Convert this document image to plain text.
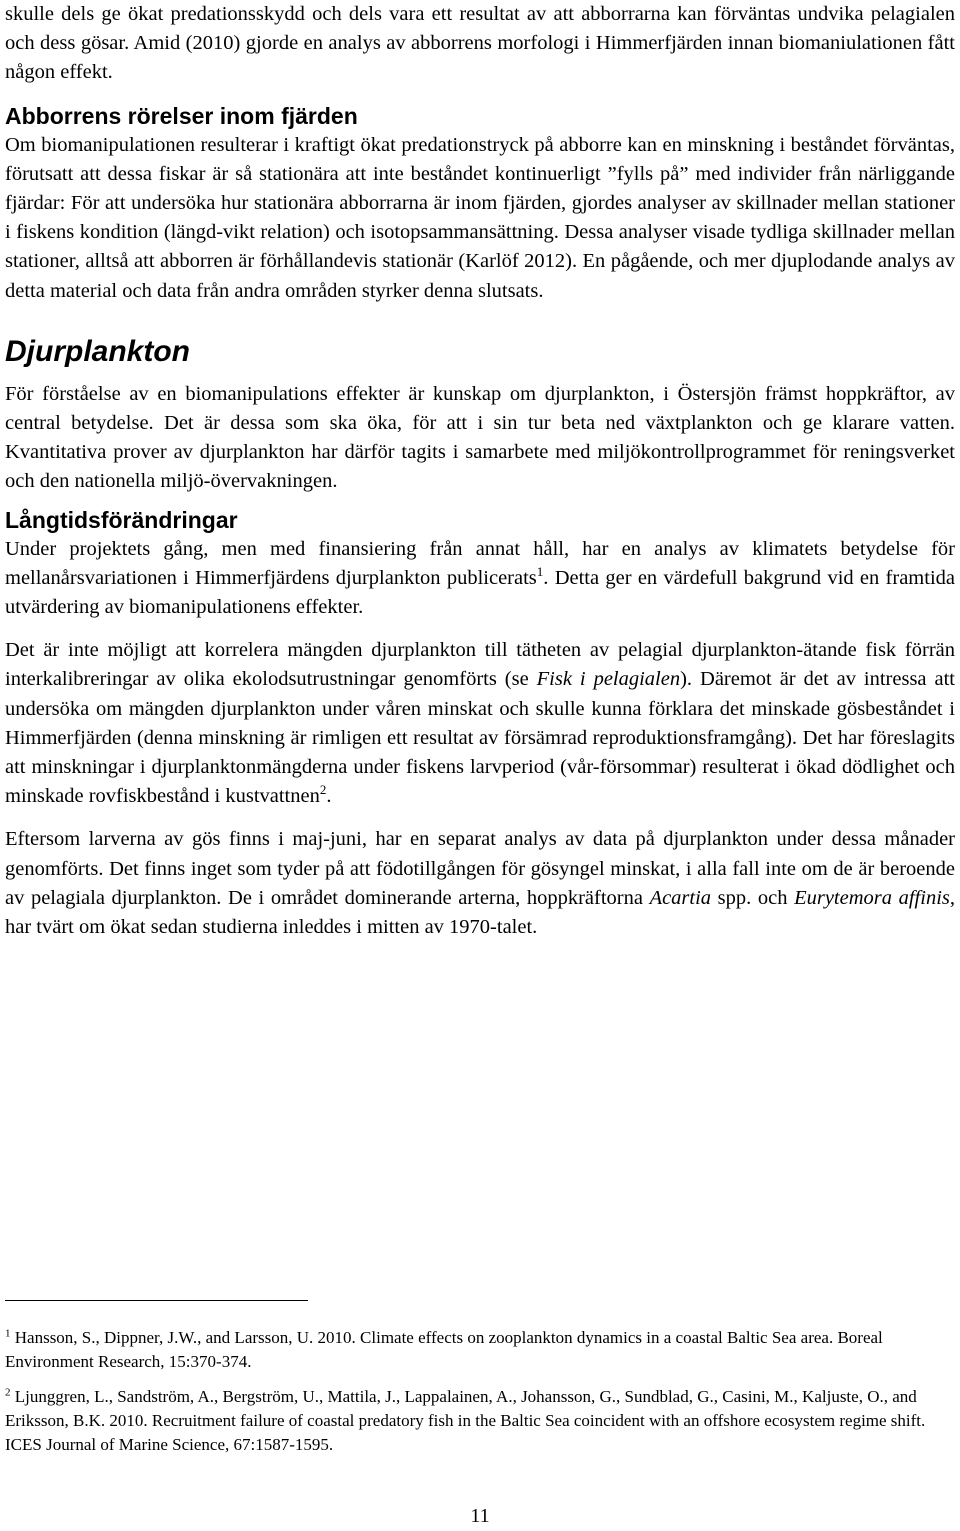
skulle dels ge ökat predationsskydd och dels vara ett resultat av att abborrarna kan förväntas undvika pelagialen och dess gösar. Amid (2010) gjorde en analys av abborrens morfologi i Himmerfjärden innan biomaniulationen fått någon effekt.

Abborrens rörelser inom fjärden

Om biomanipulationen resulterar i kraftigt ökat predationstryck på abborre kan en minskning i beståndet förväntas, förutsatt att dessa fiskar är så stationära att inte beståndet kontinuerligt ”fylls på” med individer från närliggande fjärdar: För att undersöka hur stationära abborrarna är inom fjärden, gjordes analyser av skillnader mellan stationer i fiskens kondition (längd-vikt relation) och isotopsammansättning. Dessa analyser visade tydliga skillnader mellan stationer, alltså att abborren är förhållandevis stationär (Karlöf 2012). En pågående, och mer djuplodande analys av detta material och data från andra områden styrker denna slutsats.

Djurplankton

För förståelse av en biomanipulations effekter är kunskap om djurplankton, i Östersjön främst hoppkräftor, av central betydelse. Det är dessa som ska öka, för att i sin tur beta ned växtplankton och ge klarare vatten. Kvantitativa prover av djurplankton har därför tagits i samarbete med miljökontrollprogrammet för reningsverket och den nationella miljö-övervakningen.

Långtidsförändringar

Under projektets gång, men med finansiering från annat håll, har en analys av klimatets betydelse för mellanårsvariationen i Himmerfjärdens djurplankton publicerats$^1$. Detta ger en värdefull bakgrund vid en framtida utvärdering av biomanipulationens effekter.

Det är inte möjligt att korrelera mängden djurplankton till tätheten av pelagial djurplankton-ätande fisk förrän interkalibreringar av olika ekolodsutrustningar genomförts (se Fisk i pelagialen). Däremot är det av intressa att undersöka om mängden djurplankton under våren minskat och skulle kunna förklara det minskade gösbeståndet i Himmerfjärden (denna minskning är rimligen ett resultat av försämrad reproduktionsframgång). Det har föreslagits att minskningar i djurplanktonmängderna under fiskens larvperiod (vår-försommar) resulterat i ökad dödlighet och minskade rovfiskbestånd i kustvattnen$^2$.

Eftersom larverna av gös finns i maj-juni, har en separat analys av data på djurplankton under dessa månader genomförts. Det finns inget som tyder på att födotillgången för gösyngel minskat, i alla fall inte om de är beroende av pelagiala djurplankton. De i området dominerande arterna, hoppkräftorna Acartia spp. och Eurytemora affinis, har tvärt om ökat sedan studierna inleddes i mitten av 1970-talet.

$^1$ Hansson, S., Dippner, J.W., and Larsson, U. 2010. Climate effects on zooplankton dynamics in a coastal Baltic Sea area. Boreal Environment Research, 15:370-374.

$^2$ Ljunggren, L., Sandström, A., Bergström, U., Mattila, J., Lappalainen, A., Johansson, G., Sundblad, G., Casini, M., Kaljuste, O., and Eriksson, B.K. 2010. Recruitment failure of coastal predatory fish in the Baltic Sea coincident with an offshore ecosystem regime shift. ICES Journal of Marine Science, 67:1587-1595.

11
